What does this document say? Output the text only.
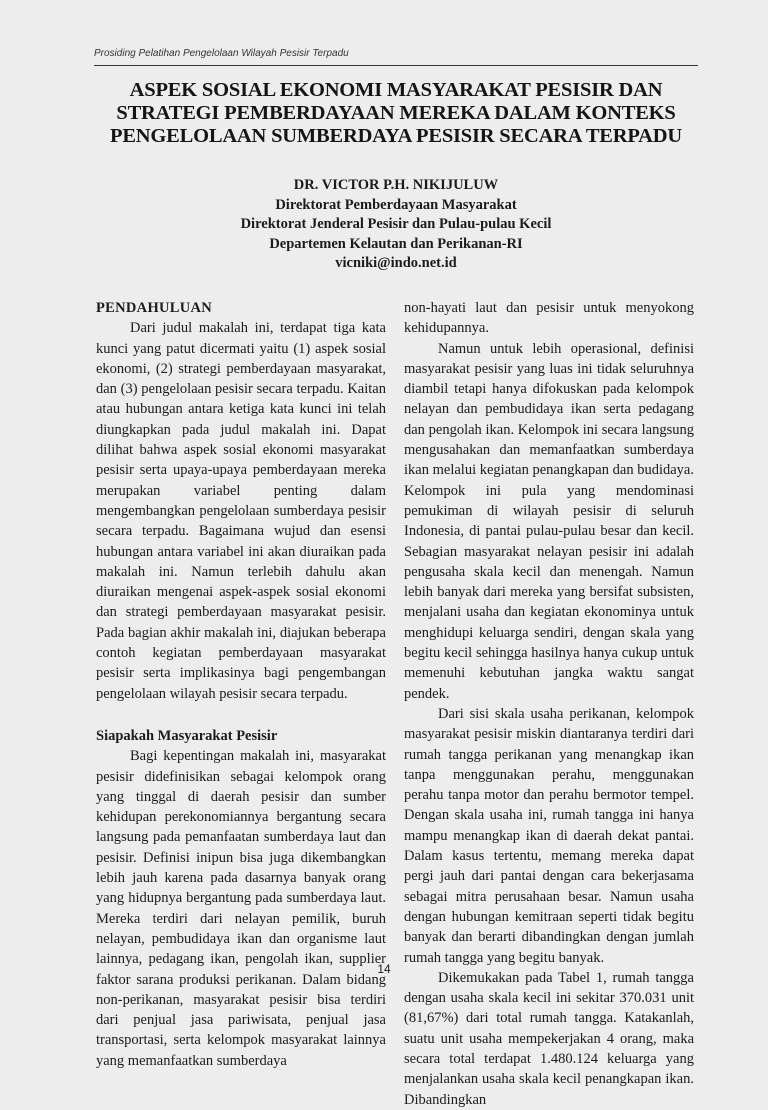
Prosiding Pelatihan Pengelolaan Wilayah Pesisir Terpadu
ASPEK SOSIAL EKONOMI MASYARAKAT PESISIR DAN
STRATEGI PEMBERDAYAAN MEREKA DALAM KONTEKS
PENGELOLAAN SUMBERDAYA PESISIR SECARA TERPADU
DR. VICTOR P.H. NIKIJULUW
Direktorat Pemberdayaan Masyarakat
Direktorat Jenderal Pesisir dan Pulau-pulau Kecil
Departemen Kelautan dan Perikanan-RI
vicniki@indo.net.id

PENDAHULUAN

Dari judul makalah ini, terdapat tiga kata kunci yang patut dicermati yaitu (1) aspek sosial ekonomi, (2) strategi pemberdayaan masyarakat, dan (3) pengelolaan pesisir secara terpadu. Kaitan atau hubungan antara ketiga kata kunci ini telah diungkapkan pada judul makalah ini. Dapat dilihat bahwa aspek sosial ekonomi masyarakat pesisir serta upaya-upaya pemberdayaan mereka merupakan variabel penting dalam mengembangkan pengelolaan sumberdaya pesisir secara terpadu. Bagaimana wujud dan esensi hubungan antara variabel ini akan diuraikan pada makalah ini. Namun terlebih dahulu akan diuraikan mengenai aspek-aspek sosial ekonomi dan strategi pemberdayaan masyarakat pesisir. Pada bagian akhir makalah ini, diajukan beberapa contoh kegiatan pemberdayaan masyarakat pesisir serta implikasinya bagi pengembangan pengelolaan wilayah pesisir secara terpadu.

Siapakah Masyarakat Pesisir

Bagi kepentingan makalah ini, masyarakat pesisir didefinisikan sebagai kelompok orang yang tinggal di daerah pesisir dan sumber kehidupan perekonomiannya bergantung secara langsung pada pemanfaatan sumberdaya laut dan pesisir. Definisi inipun bisa juga dikembangkan lebih jauh karena pada dasarnya banyak orang yang hidupnya bergantung pada sumberdaya laut. Mereka terdiri dari nelayan pemilik, buruh nelayan, pembudidaya ikan dan organisme laut lainnya, pedagang ikan, pengolah ikan, supplier faktor sarana produksi perikanan. Dalam bidang non-perikanan, masyarakat pesisir bisa terdiri dari penjual jasa pariwisata, penjual jasa transportasi, serta kelompok masyarakat lainnya yang memanfaatkan sumberdaya

non-hayati laut dan pesisir untuk menyokong kehidupannya.

Namun untuk lebih operasional, definisi masyarakat pesisir yang luas ini tidak seluruhnya diambil tetapi hanya difokuskan pada kelompok nelayan dan pembudidaya ikan serta pedagang dan pengolah ikan. Kelompok ini secara langsung mengusahakan dan memanfaatkan sumberdaya ikan melalui kegiatan penangkapan dan budidaya. Kelompok ini pula yang mendominasi pemukiman di wilayah pesisir di seluruh Indonesia, di pantai pulau-pulau besar dan kecil. Sebagian masyarakat nelayan pesisir ini adalah pengusaha skala kecil dan menengah. Namun lebih banyak dari mereka yang bersifat subsisten, menjalani usaha dan kegiatan ekonominya untuk menghidupi keluarga sendiri, dengan skala yang begitu kecil sehingga hasilnya hanya cukup untuk memenuhi kebutuhan jangka waktu sangat pendek.

Dari sisi skala usaha perikanan, kelompok masyarakat pesisir miskin diantaranya terdiri dari rumah tangga perikanan yang menangkap ikan tanpa menggunakan perahu, menggunakan perahu tanpa motor dan perahu bermotor tempel. Dengan skala usaha ini, rumah tangga ini hanya mampu menangkap ikan di daerah dekat pantai. Dalam kasus tertentu, memang mereka dapat pergi jauh dari pantai dengan cara bekerjasama sebagai mitra perusahaan besar. Namun usaha dengan hubungan kemitraan seperti tidak begitu banyak dan berarti dibandingkan dengan jumlah rumah tangga yang begitu banyak.

Dikemukakan pada Tabel 1, rumah tangga dengan usaha skala kecil ini sekitar 370.031 unit (81,67%) dari total rumah tangga. Katakanlah, suatu unit usaha mempekerjakan 4 orang, maka secara total terdapat 1.480.124 keluarga yang menjalankan usaha skala kecil penangkapan ikan. Dibandingkan

14
